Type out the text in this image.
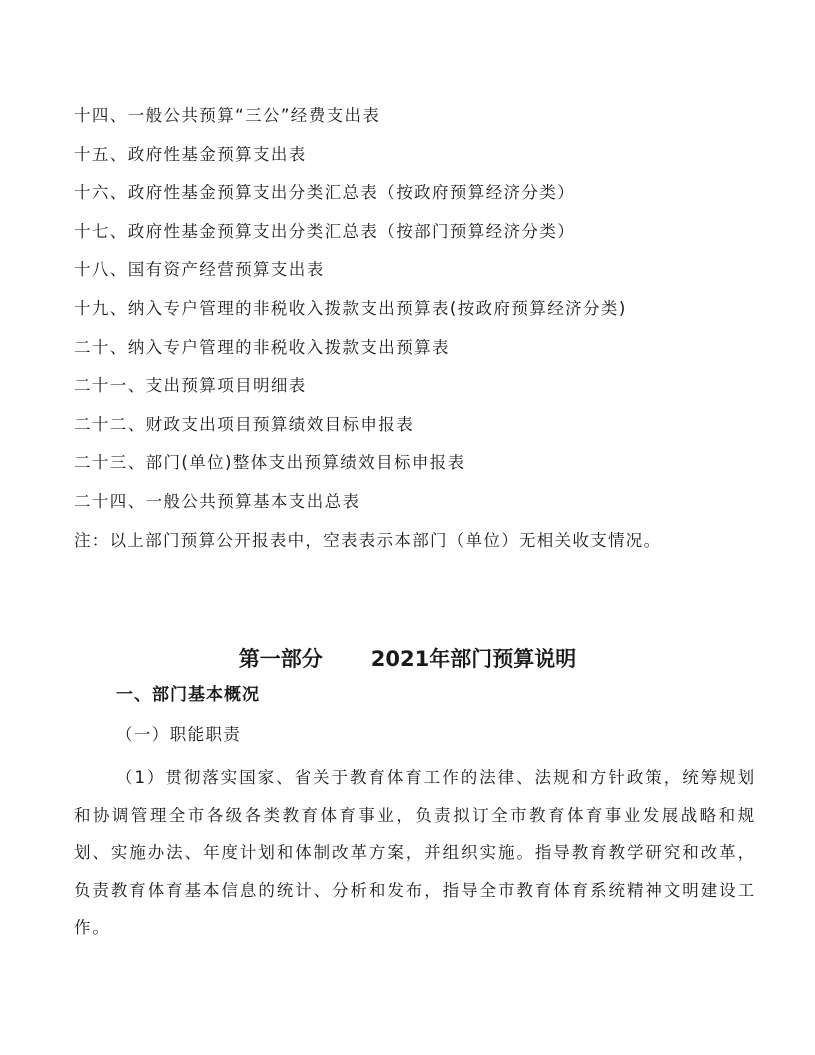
十四、一般公共预算“三公”经费支出表
十五、政府性基金预算支出表
十六、政府性基金预算支出分类汇总表（按政府预算经济分类）
十七、政府性基金预算支出分类汇总表（按部门预算经济分类）
十八、国有资产经营预算支出表
十九、纳入专户管理的非税收入拨款支出预算表(按政府预算经济分类)
二十、纳入专户管理的非税收入拨款支出预算表
二十一、支出预算项目明细表
二十二、财政支出项目预算绩效目标申报表
二十三、部门(单位)整体支出预算绩效目标申报表
二十四、一般公共预算基本支出总表
注：以上部门预算公开报表中，空表表示本部门（单位）无相关收支情况。
第一部分 2021年部门预算说明
一、部门基本概况
（一）职能职责
（1）贯彻落实国家、省关于教育体育工作的法律、法规和方针政策，统筹规划和协调管理全市各级各类教育体育事业，负责拟订全市教育体育事业发展战略和规划、实施办法、年度计划和体制改革方案，并组织实施。指导教育教学研究和改革，负责教育体育基本信息的统计、分析和发布，指导全市教育体育系统精神文明建设工作。
